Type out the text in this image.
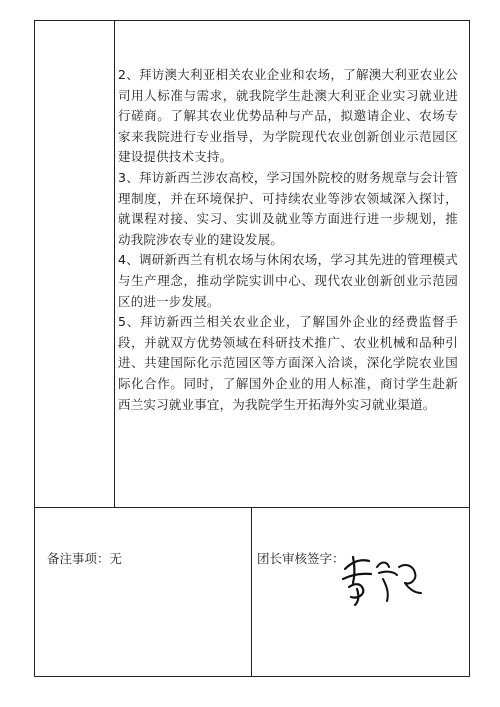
2、拜访澳大利亚相关农业企业和农场，了解澳大利亚农业公司用人标准与需求，就我院学生赴澳大利亚企业实习就业进行磋商。了解其农业优势品种与产品，拟邀请企业、农场专家来我院进行专业指导，为学院现代农业创新创业示范园区建设提供技术支持。

3、拜访新西兰涉农高校，学习国外院校的财务规章与会计管理制度，并在环境保护、可持续农业等涉农领域深入探讨，就课程对接、实习、实训及就业等方面进行进一步规划，推动我院涉农专业的建设发展。

4、调研新西兰有机农场与休闲农场，学习其先进的管理模式与生产理念，推动学院实训中心、现代农业创新创业示范园区的进一步发展。

5、拜访新西兰相关农业企业，了解国外企业的经费监督手段，并就双方优势领域在科研技术推广、农业机械和品种引进、共建国际化示范园区等方面深入洽谈，深化学院农业国际化合作。同时，了解国外企业的用人标准，商讨学生赴新西兰实习就业事宜，为我院学生开拓海外实习就业渠道。

备注事项：无	团长审核签字：
